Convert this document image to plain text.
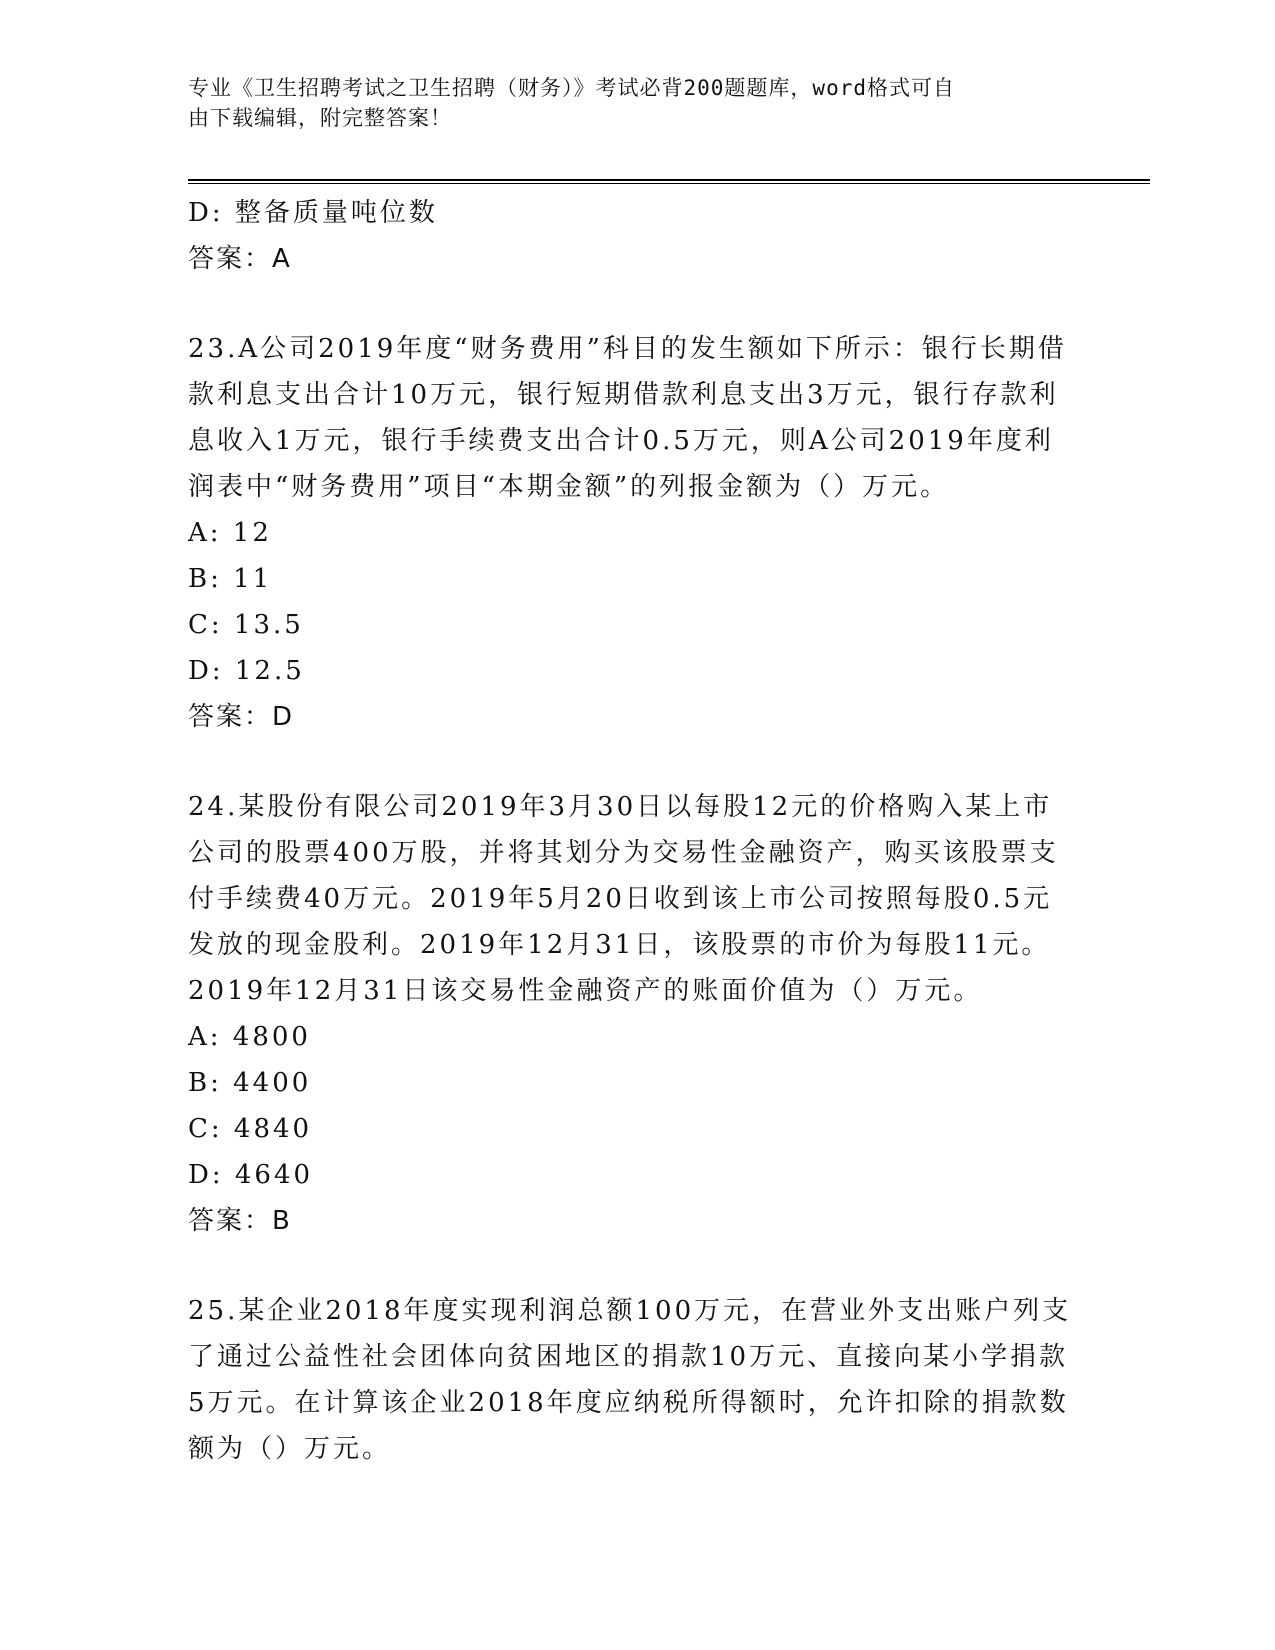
专业《卫生招聘考试之卫生招聘（财务）》考试必背200题题库，word格式可自
由下载编辑，附完整答案！
D: 整备质量吨位数
答案：A
23.A公司2019年度“财务费用”科目的发生额如下所示：银行长期借
款利息支出合计10万元，银行短期借款利息支出3万元，银行存款利
息收入1万元，银行手续费支出合计0.5万元，则A公司2019年度利
润表中“财务费用”项目“本期金额”的列报金额为（）万元。
A: 12
B: 11
C: 13.5
D: 12.5
答案：D
24.某股份有限公司2019年3月30日以每股12元的价格购入某上市
公司的股票400万股，并将其划分为交易性金融资产，购买该股票支
付手续费40万元。2019年5月20日收到该上市公司按照每股0.5元
发放的现金股利。2019年12月31日，该股票的市价为每股11元。
2019年12月31日该交易性金融资产的账面价值为（）万元。
A: 4800
B: 4400
C: 4840
D: 4640
答案：B
25.某企业2018年度实现利润总额100万元，在营业外支出账户列支
了通过公益性社会团体向贫困地区的捐款10万元、直接向某小学捐款
5万元。在计算该企业2018年度应纳税所得额时，允许扣除的捐款数
额为（）万元。
